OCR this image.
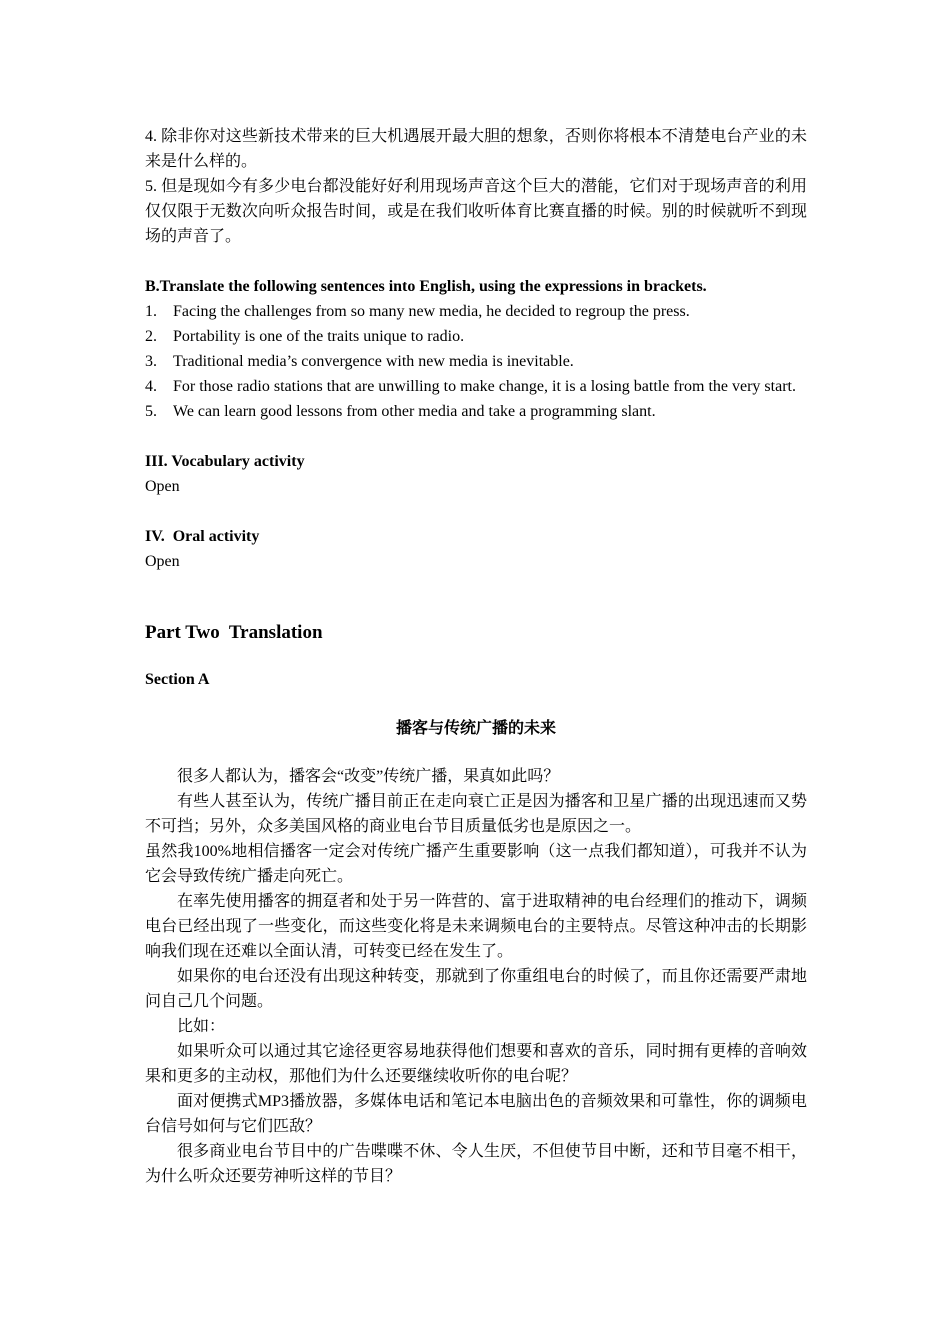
4. 除非你对这些新技术带来的巨大机遇展开最大胆的想象，否则你将根本不清楚电台产业的未来是什么样的。

5. 但是现如今有多少电台都没能好好利用现场声音这个巨大的潜能，它们对于现场声音的利用仅仅限于无数次向听众报告时间，或是在我们收听体育比赛直播的时候。别的时候就听不到现场的声音了。

B.Translate the following sentences into English, using the expressions in brackets.

1. Facing the challenges from so many new media, he decided to regroup the press.
2. Portability is one of the traits unique to radio.
3. Traditional media’s convergence with new media is inevitable.
4. For those radio stations that are unwilling to make change, it is a losing battle from the very start.
5. We can learn good lessons from other media and take a programming slant.

III. Vocabulary activity

Open

IV.  Oral activity

Open

Part Two  Translation

Section A

播客与传统广播的未来

很多人都认为，播客会“改变”传统广播，果真如此吗？

有些人甚至认为，传统广播目前正在走向衰亡正是因为播客和卫星广播的出现迅速而又势不可挡；另外，众多美国风格的商业电台节目质量低劣也是原因之一。

虽然我100%地相信播客一定会对传统广播产生重要影响（这一点我们都知道），可我并不认为它会导致传统广播走向死亡。

在率先使用播客的拥趸者和处于另一阵营的、富于进取精神的电台经理们的推动下，调频电台已经出现了一些变化，而这些变化将是未来调频电台的主要特点。尽管这种冲击的长期影响我们现在还难以全面认清，可转变已经在发生了。

如果你的电台还没有出现这种转变，那就到了你重组电台的时候了，而且你还需要严肃地问自己几个问题。

比如：

如果听众可以通过其它途径更容易地获得他们想要和喜欢的音乐，同时拥有更棒的音响效果和更多的主动权，那他们为什么还要继续收听你的电台呢？

面对便携式MP3播放器，多媒体电话和笔记本电脑出色的音频效果和可靠性，你的调频电台信号如何与它们匹敌？

很多商业电台节目中的广告喋喋不休、令人生厌，不但使节目中断，还和节目毫不相干，为什么听众还要劳神听这样的节目？
